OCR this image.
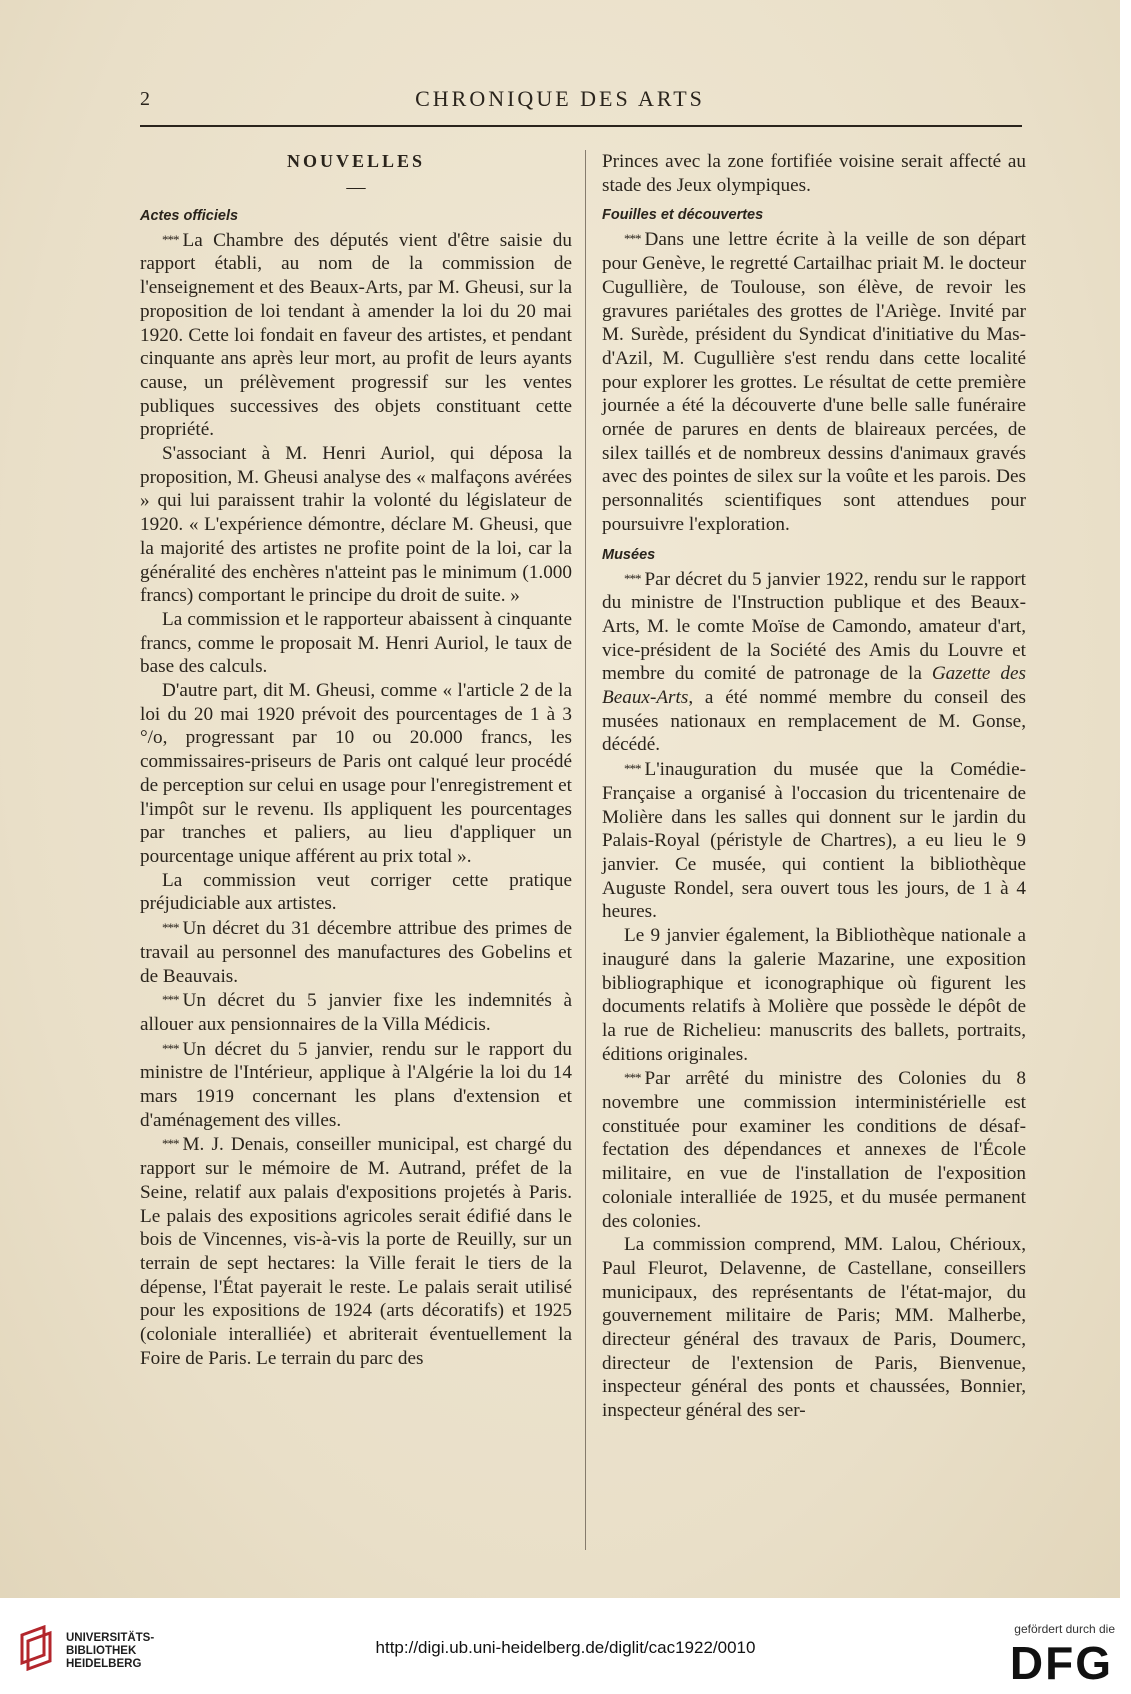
2	CHRONIQUE DES ARTS
NOUVELLES
—
Actes officiels

*** La Chambre des députés vient d'être saisie du rapport établi, au nom de la commission de l'enseignement et des Beaux-Arts, par M. Gheusi, sur la proposition de loi tendant à amender la loi du 20 mai 1920. Cette loi fondait en faveur des artistes, et pendant cinquante ans après leur mort, au profit de leurs ayants cause, un prélèvement progressif sur les ventes publiques successives des objets constituant cette propriété.

S'associant à M. Henri Auriol, qui déposa la proposition, M. Gheusi analyse des « malfaçons avérées » qui lui paraissent trahir la volonté du législateur de 1920. « L'expérience démontre, déclare M. Gheusi, que la majorité des artistes ne profite point de la loi, car la généralité des enchères n'atteint pas le minimum (1.000 francs) comportant le principe du droit de suite. »

La commission et le rapporteur abaissent à cinquante francs, comme le proposait M. Henri Auriol, le taux de base des calculs.

D'autre part, dit M. Gheusi, comme « l'article 2 de la loi du 20 mai 1920 prévoit des pourcentages de 1 à 3 °/o, progressant par 10 ou 20.000 francs, les commissaires-priseurs de Paris ont calqué leur procédé de perception sur celui en usage pour l'enregistrement et l'impôt sur le revenu. Ils appliquent les pourcentages par tranches et paliers, au lieu d'appliquer un pourcentage unique afférent au prix total ».

La commission veut corriger cette pratique préjudiciable aux artistes.

*** Un décret du 31 décembre attribue des primes de travail au personnel des manufactures des Gobelins et de Beauvais.

*** Un décret du 5 janvier fixe les indemnités à allouer aux pensionnaires de la Villa Médicis.

*** Un décret du 5 janvier, rendu sur le rapport du ministre de l'Intérieur, applique à l'Algérie la loi du 14 mars 1919 concernant les plans d'extension et d'aménagement des villes.

*** M. J. Denais, conseiller municipal, est chargé du rapport sur le mémoire de M. Autrand, préfet de la Seine, relatif aux palais d'expositions projetés à Paris. Le palais des expositions agricoles serait édifié dans le bois de Vincennes, vis-à-vis la porte de Reuilly, sur un terrain de sept hectares: la Ville ferait le tiers de la dépense, l'État payerait le reste. Le palais serait utilisé pour les expositions de 1924 (arts décoratifs) et 1925 (coloniale interalliée) et abriterait éventuellement la Foire de Paris. Le terrain du parc des

Princes avec la zone fortifiée voisine serait affecté au stade des Jeux olympiques.

Fouilles et découvertes

*** Dans une lettre écrite à la veille de son départ pour Genève, le regretté Cartailhac priait M. le docteur Cugullière, de Toulouse, son élève, de revoir les gravures pariétales des grottes de l'Ariège. Invité par M. Surède, président du Syndicat d'initiative du Mas-d'Azil, M. Cugullière s'est rendu dans cette localité pour explorer les grottes. Le résultat de cette première journée a été la découverte d'une belle salle funéraire ornée de parures en dents de blaireaux percées, de silex taillés et de nombreux dessins d'animaux gravés avec des pointes de silex sur la voûte et les parois. Des personnalités scientifiques sont attendues pour poursuivre l'exploration.

Musées

*** Par décret du 5 janvier 1922, rendu sur le rapport du ministre de l'Instruction publique et des Beaux-Arts, M. le comte Moïse de Camondo, amateur d'art, vice-président de la Société des Amis du Louvre et membre du comité de patronage de la Gazette des Beaux-Arts, a été nommé membre du conseil des musées nationaux en remplacement de M. Gonse, décédé.

*** L'inauguration du musée que la Comédie-Française a organisé à l'occasion du tricentenaire de Molière dans les salles qui donnent sur le jardin du Palais-Royal (péristyle de Chartres), a eu lieu le 9 janvier. Ce musée, qui contient la bibliothèque Auguste Rondel, sera ouvert tous les jours, de 1 à 4 heures.

Le 9 janvier également, la Bibliothèque nationale a inauguré dans la galerie Mazarine, une exposition bibliographique et iconographique où figurent les documents relatifs à Molière que possède le dépôt de la rue de Richelieu: manuscrits des ballets, portraits, éditions originales.

*** Par arrêté du ministre des Colonies du 8 novembre une commission interministérielle est constituée pour examiner les conditions de désaffectation des dépendances et annexes de l'École militaire, en vue de l'installation de l'exposition coloniale interalliée de 1925, et du musée permanent des colonies.

La commission comprend, MM. Lalou, Chérioux, Paul Fleurot, Delavenne, de Castellane, conseillers municipaux, des représentants de l'état-major, du gouvernement militaire de Paris; MM. Malherbe, directeur général des travaux de Paris, Doumerc, directeur de l'extension de Paris, Bienvenue, inspecteur général des ponts et chaussées, Bonnier, inspecteur général des ser-

UNIVERSITÄTS-
BIBLIOTHEK
HEIDELBERG
http://digi.ub.uni-heidelberg.de/diglit/cac1922/0010
gefördert durch die
DFG
